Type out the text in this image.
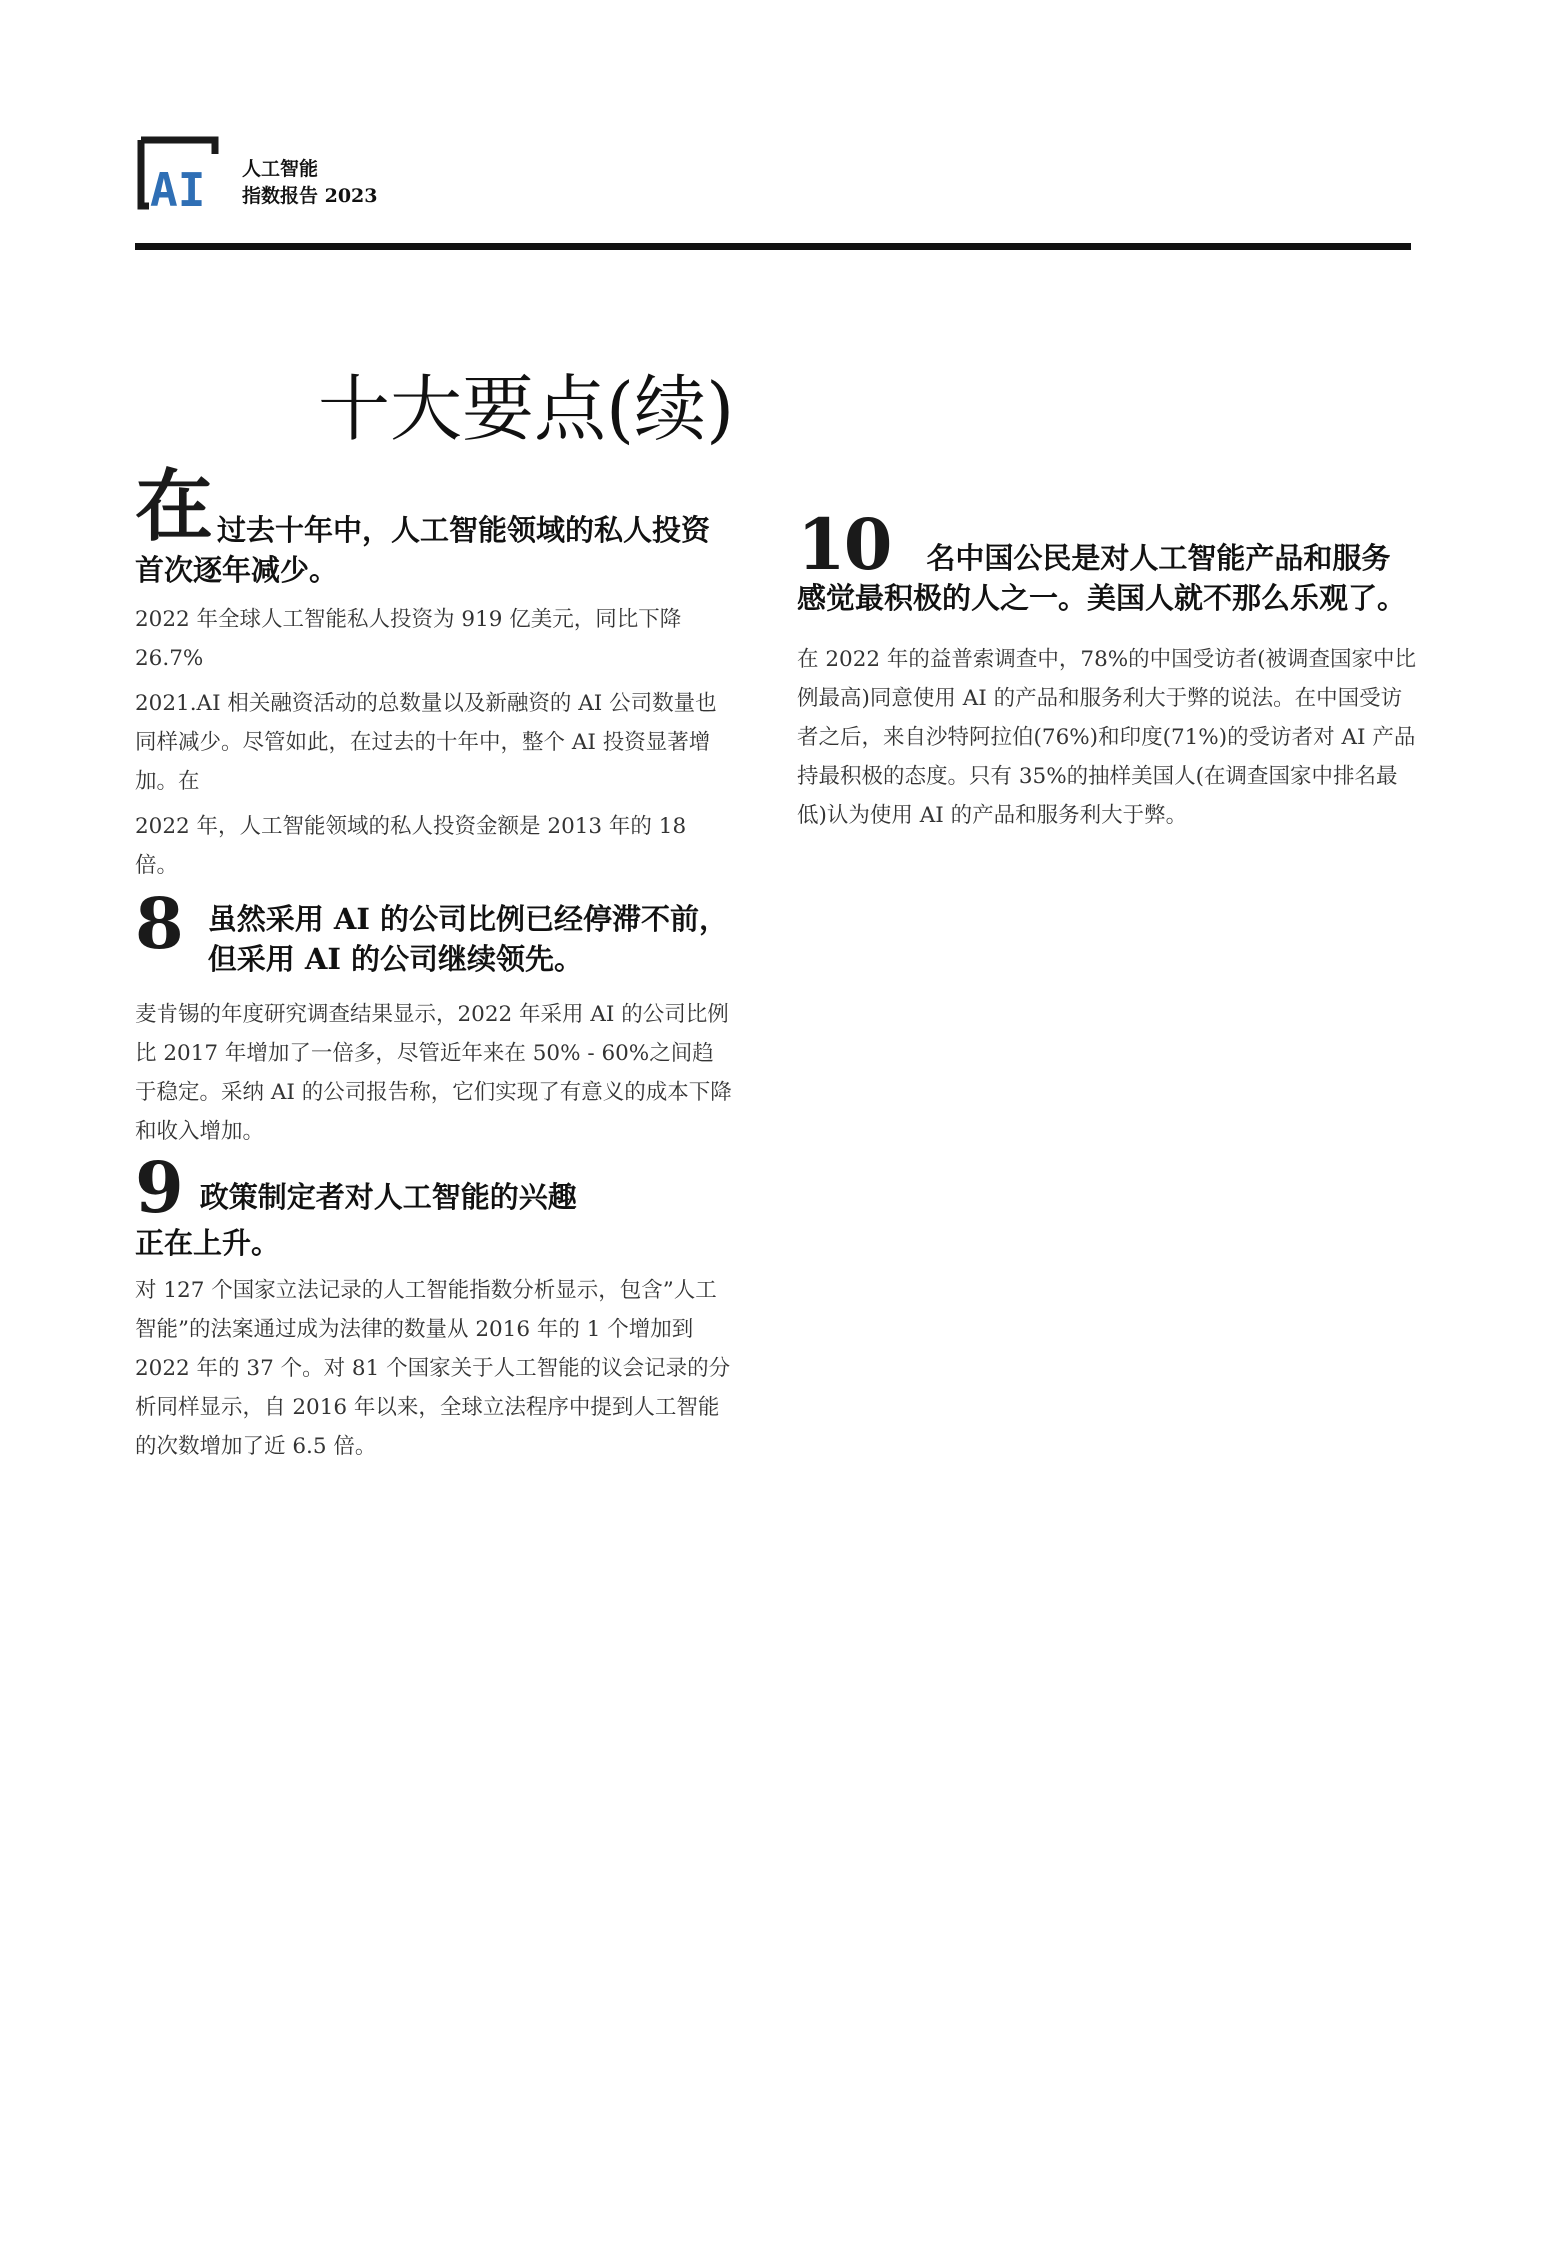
AI 人工智能
指数报告 2023
十大要点(续)
在 过去十年中，人工智能领域的私人投资首次逐年减少。

2022 年全球人工智能私人投资为 919 亿美元，同比下降 26.7%

2021.AI 相关融资活动的总数量以及新融资的 AI 公司数量也同样减少。尽管如此，在过去的十年中，整个 AI 投资显著增加。在

2022 年，人工智能领域的私人投资金额是 2013 年的 18 倍。

8 虽然采用 AI 的公司比例已经停滞不前，但采用 AI 的公司继续领先。

麦肯锡的年度研究调查结果显示，2022 年采用 AI 的公司比例比 2017 年增加了一倍多，尽管近年来在 50% - 60%之间趋于稳定。采纳 AI 的公司报告称，它们实现了有意义的成本下降和收入增加。

9 政策制定者对人工智能的兴趣

正在上升。

对 127 个国家立法记录的人工智能指数分析显示，包含”人工智能”的法案通过成为法律的数量从 2016 年的 1 个增加到 2022 年的 37 个。对 81 个国家关于人工智能的议会记录的分析同样显示，自 2016 年以来，全球立法程序中提到人工智能的次数增加了近 6.5 倍。

10	名中国公民是对人工智能产品和服务感觉最积极的人之一。美国人就不那么乐观了。

在 2022 年的益普索调查中，78%的中国受访者(被调查国家中比例最高)同意使用 AI 的产品和服务利大于弊的说法。在中国受访者之后，来自沙特阿拉伯(76%)和印度(71%)的受访者对 AI 产品持最积极的态度。只有 35%的抽样美国人(在调查国家中排名最低)认为使用 AI 的产品和服务利大于弊。
